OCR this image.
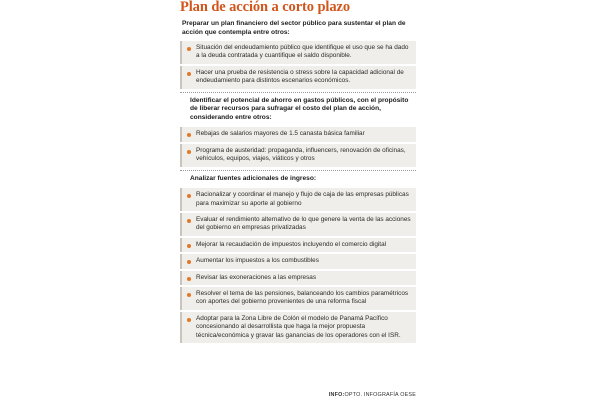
Plan de acción a corto plazo
Preparar un plan financiero del sector público para sustentar el plan de acción que contempla entre otros:
Situación del endeudamiento público que identifique el uso que se ha dado a la deuda contratada y cuantifique el saldo disponible.
Hacer una prueba de resistencia o stress sobre la capacidad adicional de endeudamiento para distintos escenarios económicos.
Identificar el potencial de ahorro en gastos públicos, con el propósito de liberar recursos para sufragar el costo del plan de acción, considerando entre otros:
Rebajas de salarios mayores de 1.5 canasta básica familiar
Programa de austeridad: propaganda, influencers, renovación de oficinas, vehículos, equipos, viajes, viáticos y otros
Analizar fuentes adicionales de ingreso:
Racionalizar y coordinar el manejo y flujo de caja de las empresas públicas para maximizar su aporte al gobierno
Evaluar el rendimiento alternativo de lo que genere la venta de las acciones del gobierno en empresas privatizadas
Mejorar la recaudación de impuestos incluyendo el comercio digital
Aumentar los impuestos a los combustibles
Revisar las exoneraciones a las empresas
Resolver el tema de las pensiones, balanceando los cambios paramétricos con aportes del gobierno provenientes de una reforma fiscal
Adoptar para la Zona Libre de Colón el modelo de Panamá Pacífico concesionando al desarrollista que haga la mejor propuesta técnica/económica y gravar las ganancias de los operadores con el ISR.
INFO:OPTO. INFOGRAFÍA OESE
